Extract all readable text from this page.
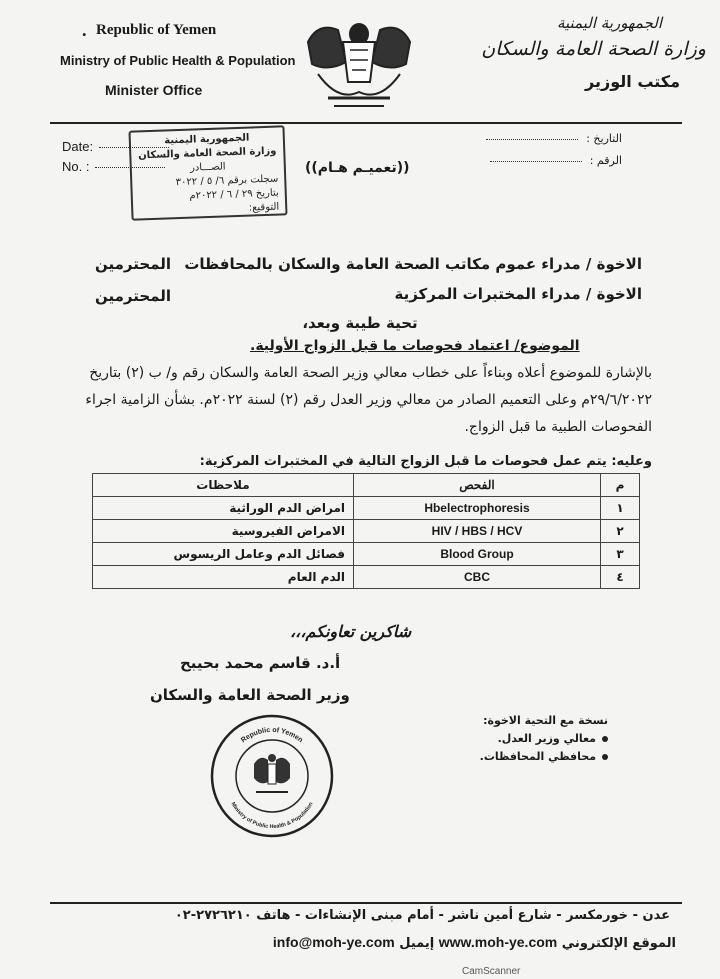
. Republic of Yemen
Ministry of Public Health & Population
Minister Office
الجمهورية اليمنية
وزارة الصحة العامة والسكان
مكتب الوزير
Date:
No. :
الجمهورية اليمنية
وزارة الصحة العامة والسكان
الصـــادر
سجلت برقم ٦/ ٥ / ٣٠٢٢
بتاريخ ٢٩ / ٦ / ٢٠٢٢م
التوقيع:
التاريخ :
الرقم :
((تعميـم هـام))
الاخوة / مدراء عموم مكاتب الصحة العامة والسكان بالمحافظات
المحترمين
الاخوة / مدراء المختبرات المركزية
المحترمين
تحية طيبة وبعد،
الموضوع/ اعتماد فحوصات ما قبل الزواج الأولية.
بالإشارة للموضوع أعلاه وبناءاً على خطاب معالي وزير الصحة العامة والسكان رقم و/ ب (٢) بتاريخ
٢٩/٦/٢٠٢٢م وعلى التعميم الصادر من معالي وزير العدل رقم (٢) لسنة ٢٠٢٢م. بشأن الزامية اجراء
الفحوصات الطبية ما قبل الزواج.
وعليه: يتم عمل فحوصات ما قبل الزواج التالية في المختبرات المركزية:
م	الفحص	ملاحظات
١	Hbelectrophoresis	امراض الدم الوراثية
٢	HIV / HBS / HCV	الامراض الفيروسية
٣	Blood Group	فصائل الدم وعامل الريسوس
٤	CBC	الدم العام
شاكرين تعاونكم،،،
أ.د. قاسم محمد بحيبح
وزير الصحة العامة والسكان
نسخة مع التحية الاخوة:
معالي وزير العدل.
محافظي المحافظات.
Republic of Yemen
Ministry of Public Health & Population
عدن - خورمكسر - شارع أمين ناشر - أمام مبنى الإنشاءات - هاتف ٢٧٢٦٢١٠-٠٢
الموقع الإلكتروني www.moh-ye.com إيميل info@moh-ye.com
CamScanner
